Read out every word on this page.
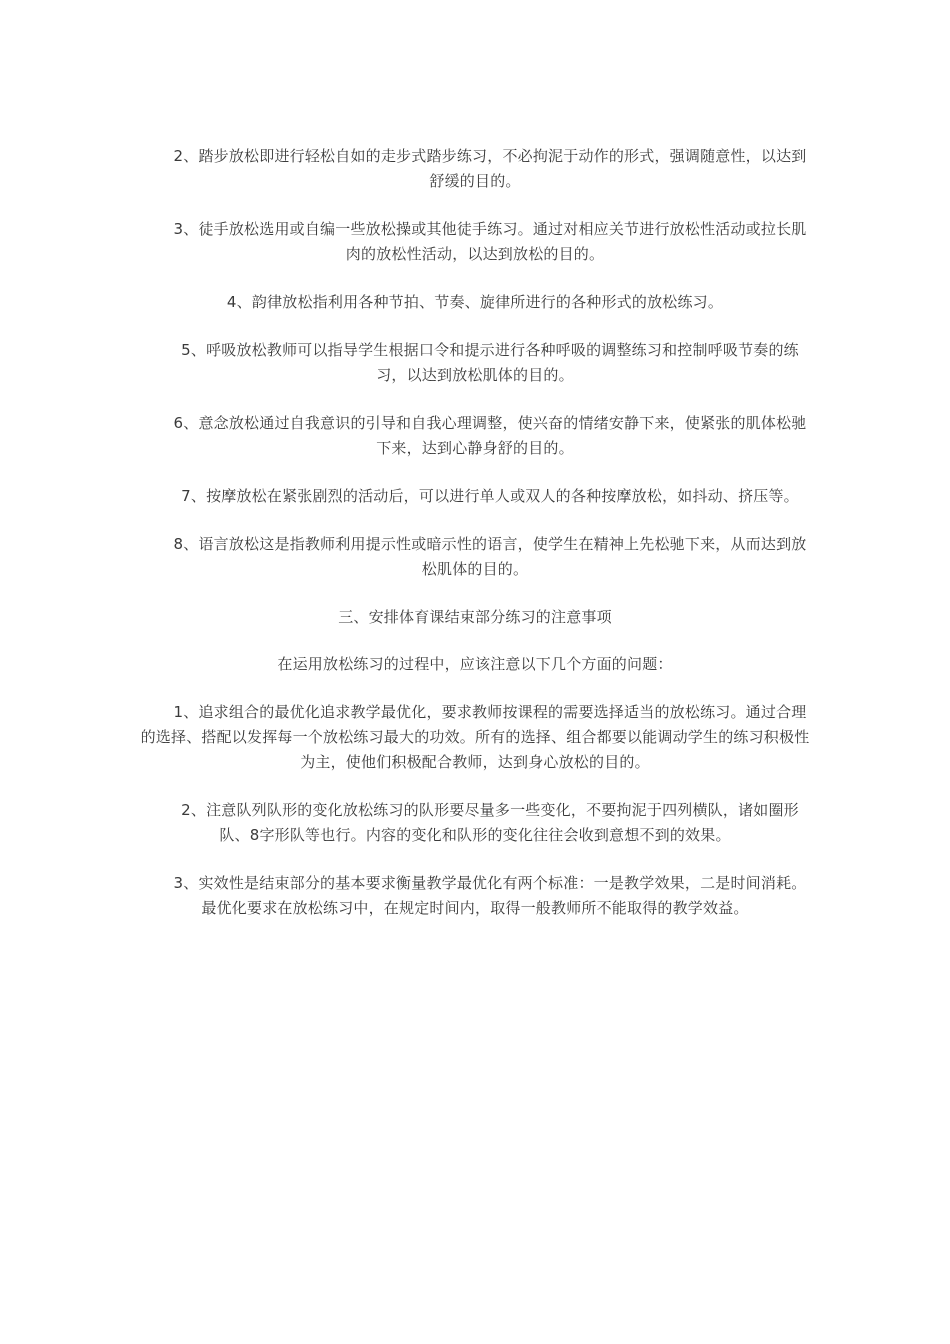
2、踏步放松即进行轻松自如的走步式踏步练习，不必拘泥于动作的形式，强调随意性，以达到舒缓的目的。

3、徒手放松选用或自编一些放松操或其他徒手练习。通过对相应关节进行放松性活动或拉长肌肉的放松性活动，以达到放松的目的。

4、韵律放松指利用各种节拍、节奏、旋律所进行的各种形式的放松练习。

5、呼吸放松教师可以指导学生根据口令和提示进行各种呼吸的调整练习和控制呼吸节奏的练习，以达到放松肌体的目的。

6、意念放松通过自我意识的引导和自我心理调整，使兴奋的情绪安静下来，使紧张的肌体松驰下来，达到心静身舒的目的。

7、按摩放松在紧张剧烈的活动后，可以进行单人或双人的各种按摩放松，如抖动、挤压等。

8、语言放松这是指教师利用提示性或暗示性的语言，使学生在精神上先松驰下来，从而达到放松肌体的目的。

三、安排体育课结束部分练习的注意事项

在运用放松练习的过程中，应该注意以下几个方面的问题：

1、追求组合的最优化追求教学最优化，要求教师按课程的需要选择适当的放松练习。通过合理的选择、搭配以发挥每一个放松练习最大的功效。所有的选择、组合都要以能调动学生的练习积极性为主，使他们积极配合教师，达到身心放松的目的。

2、注意队列队形的变化放松练习的队形要尽量多一些变化，不要拘泥于四列横队，诸如圈形队、8字形队等也行。内容的变化和队形的变化往往会收到意想不到的效果。

3、实效性是结束部分的基本要求衡量教学最优化有两个标准：一是教学效果，二是时间消耗。最优化要求在放松练习中，在规定时间内，取得一般教师所不能取得的教学效益。
